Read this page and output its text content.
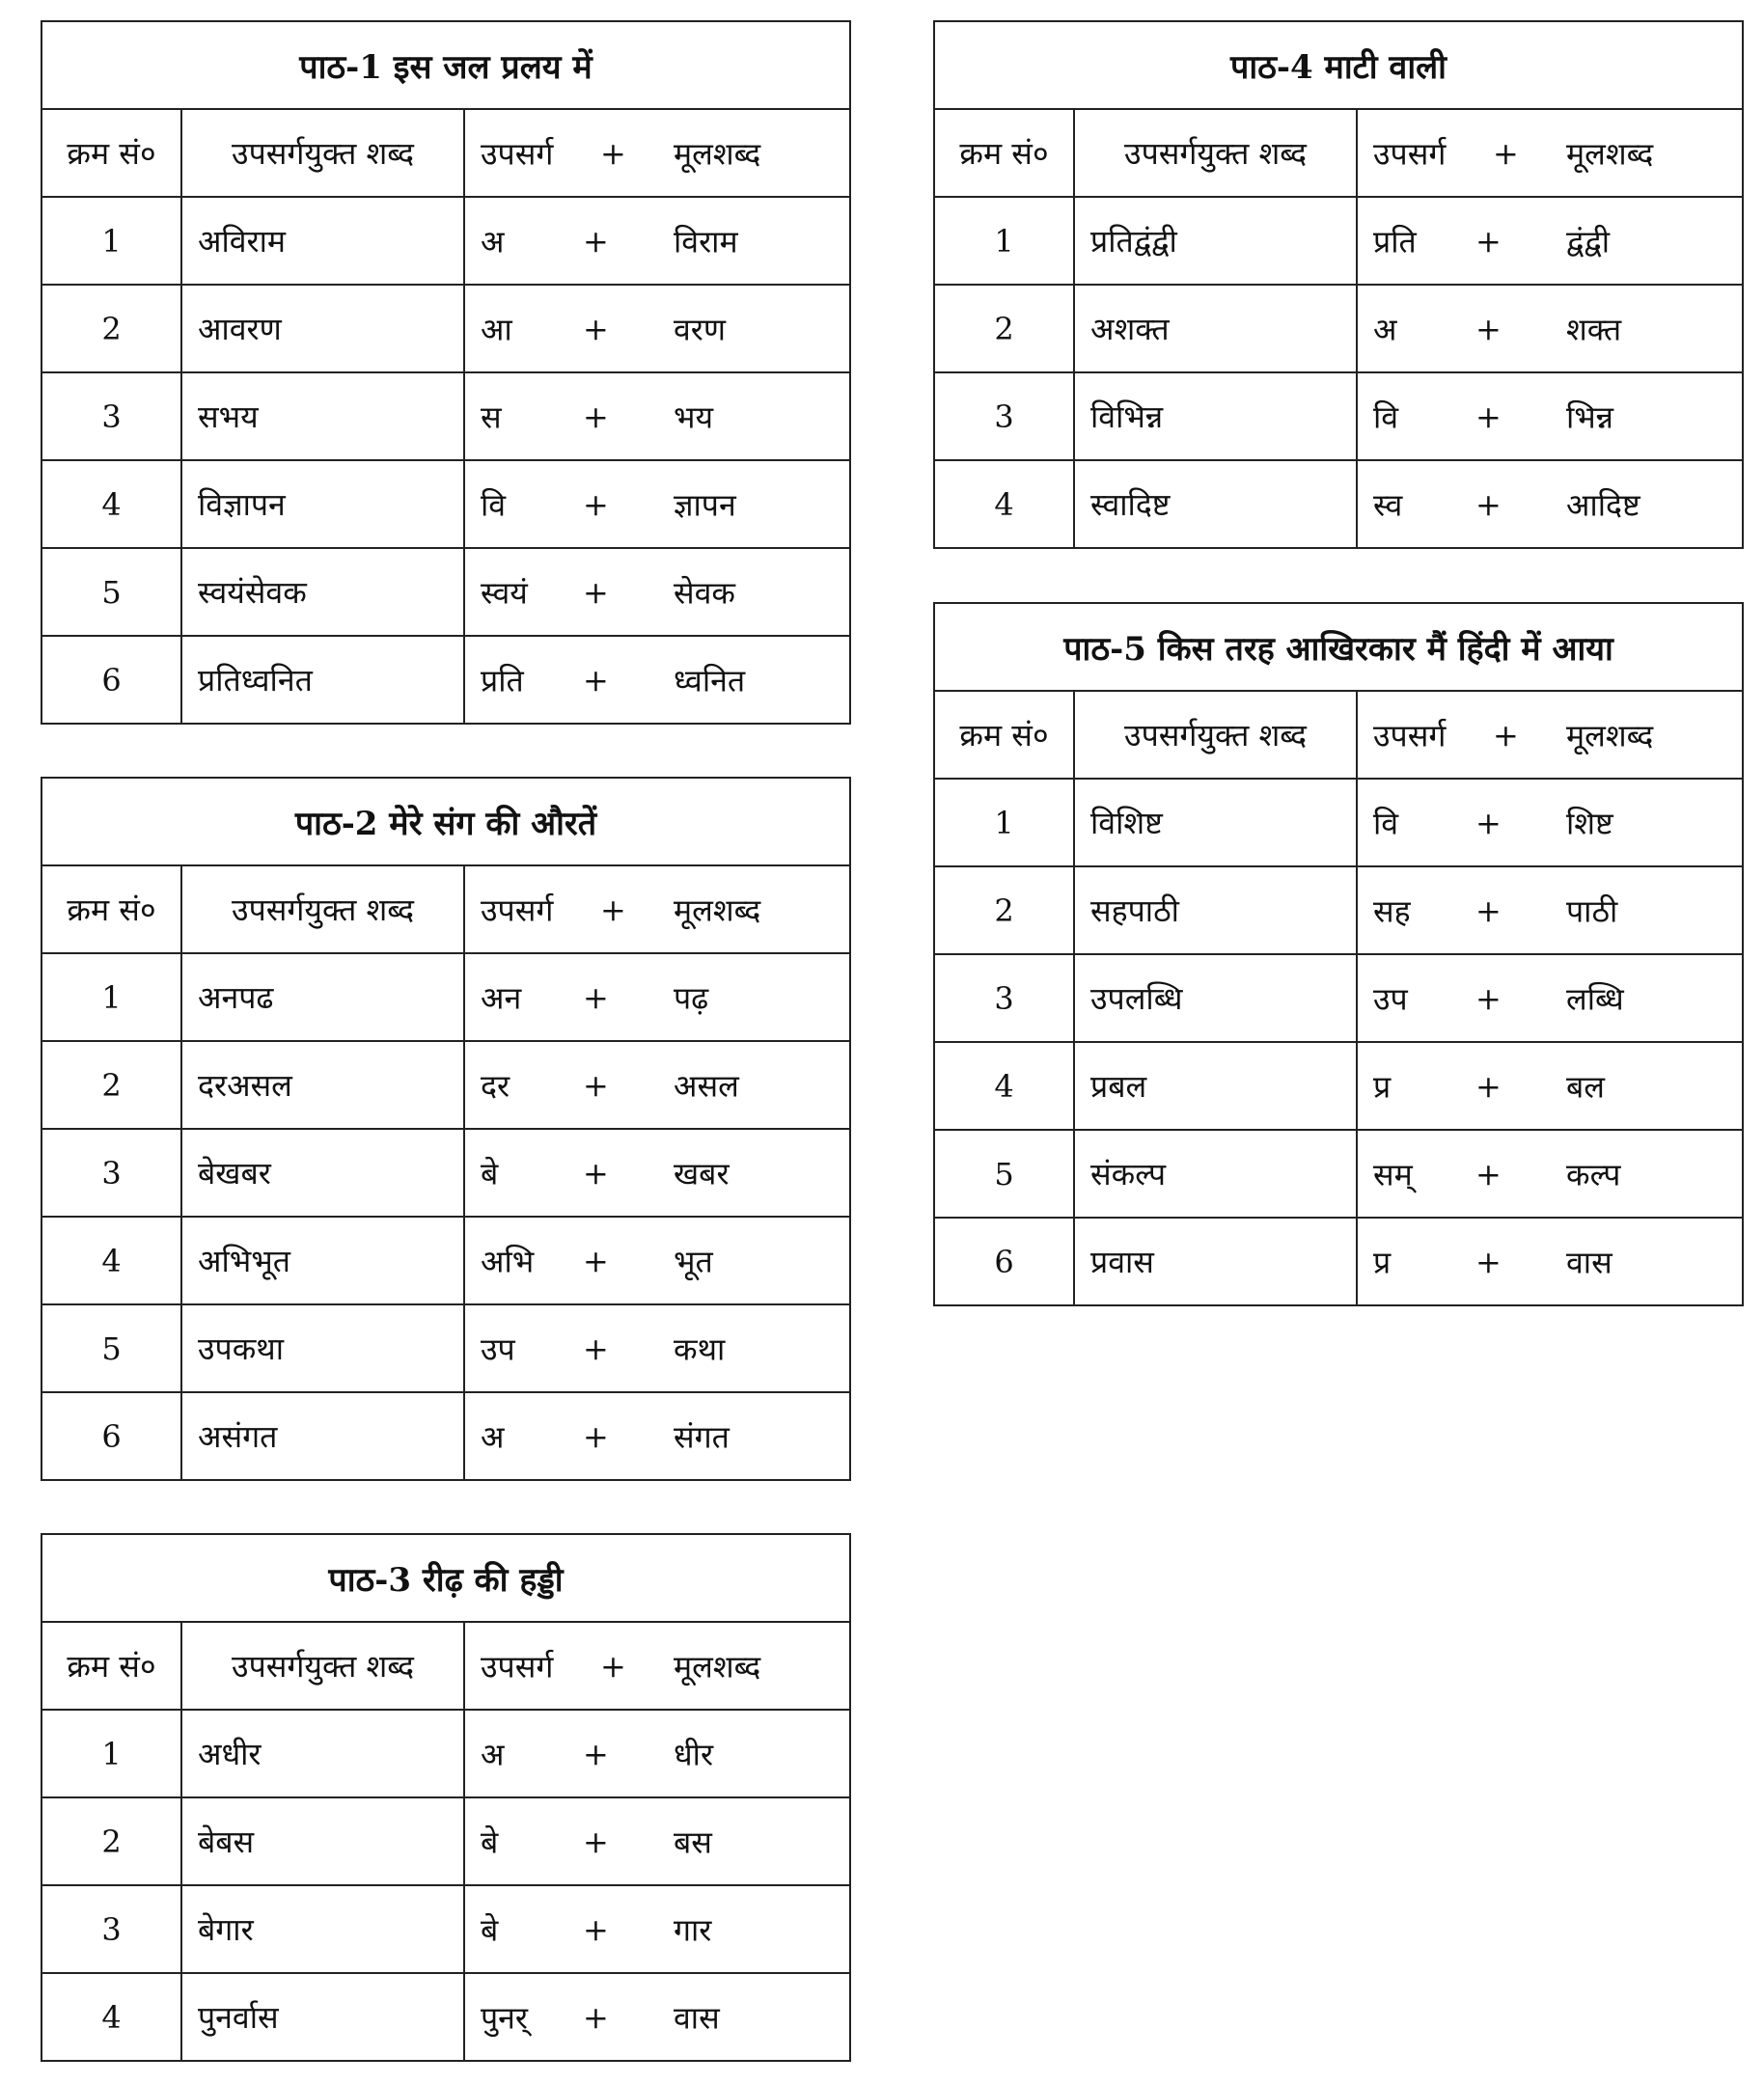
पाठ-1 इस जल प्रलय में		
क्रम सं०	उपसर्गयुक्त शब्द	उपसर्ग + मूलशब्द

1	अविराम	अ + विराम

2	आवरण	आ + वरण

3	सभय	स + भय

4	विज्ञापन	वि + ज्ञापन

5	स्वयंसेवक	स्वयं + सेवक

6	प्रतिध्वनित	प्रति + ध्वनित
पाठ-2 मेरे संग की औरतें		
क्रम सं०	उपसर्गयुक्त शब्द	उपसर्ग + मूलशब्द

1	अनपढ	अन + पढ़

2	दरअसल	दर + असल

3	बेखबर	बे + खबर

4	अभिभूत	अभि + भूत

5	उपकथा	उप + कथा

6	असंगत	अ + संगत
पाठ-3 रीढ़ की हड्डी		
क्रम सं०	उपसर्गयुक्त शब्द	उपसर्ग + मूलशब्द

1	अधीर	अ + धीर

2	बेबस	बे + बस

3	बेगार	बे + गार

4	पुनर्वास	पुनर् + वास
पाठ-4 माटी वाली		
क्रम सं०	उपसर्गयुक्त शब्द	उपसर्ग + मूलशब्द

1	प्रतिद्वंद्वी	प्रति + द्वंद्वी

2	अशक्त	अ + शक्त

3	विभिन्न	वि + भिन्न

4	स्वादिष्ट	स्व + आदिष्ट
पाठ-5 किस तरह आखिरकार मैं हिंदी में आया		
क्रम सं०	उपसर्गयुक्त शब्द	उपसर्ग + मूलशब्द

1	विशिष्ट	वि + शिष्ट

2	सहपाठी	सह + पाठी

3	उपलब्धि	उप + लब्धि

4	प्रबल	प्र + बल

5	संकल्प	सम् + कल्प

6	प्रवास	प्र + वास
